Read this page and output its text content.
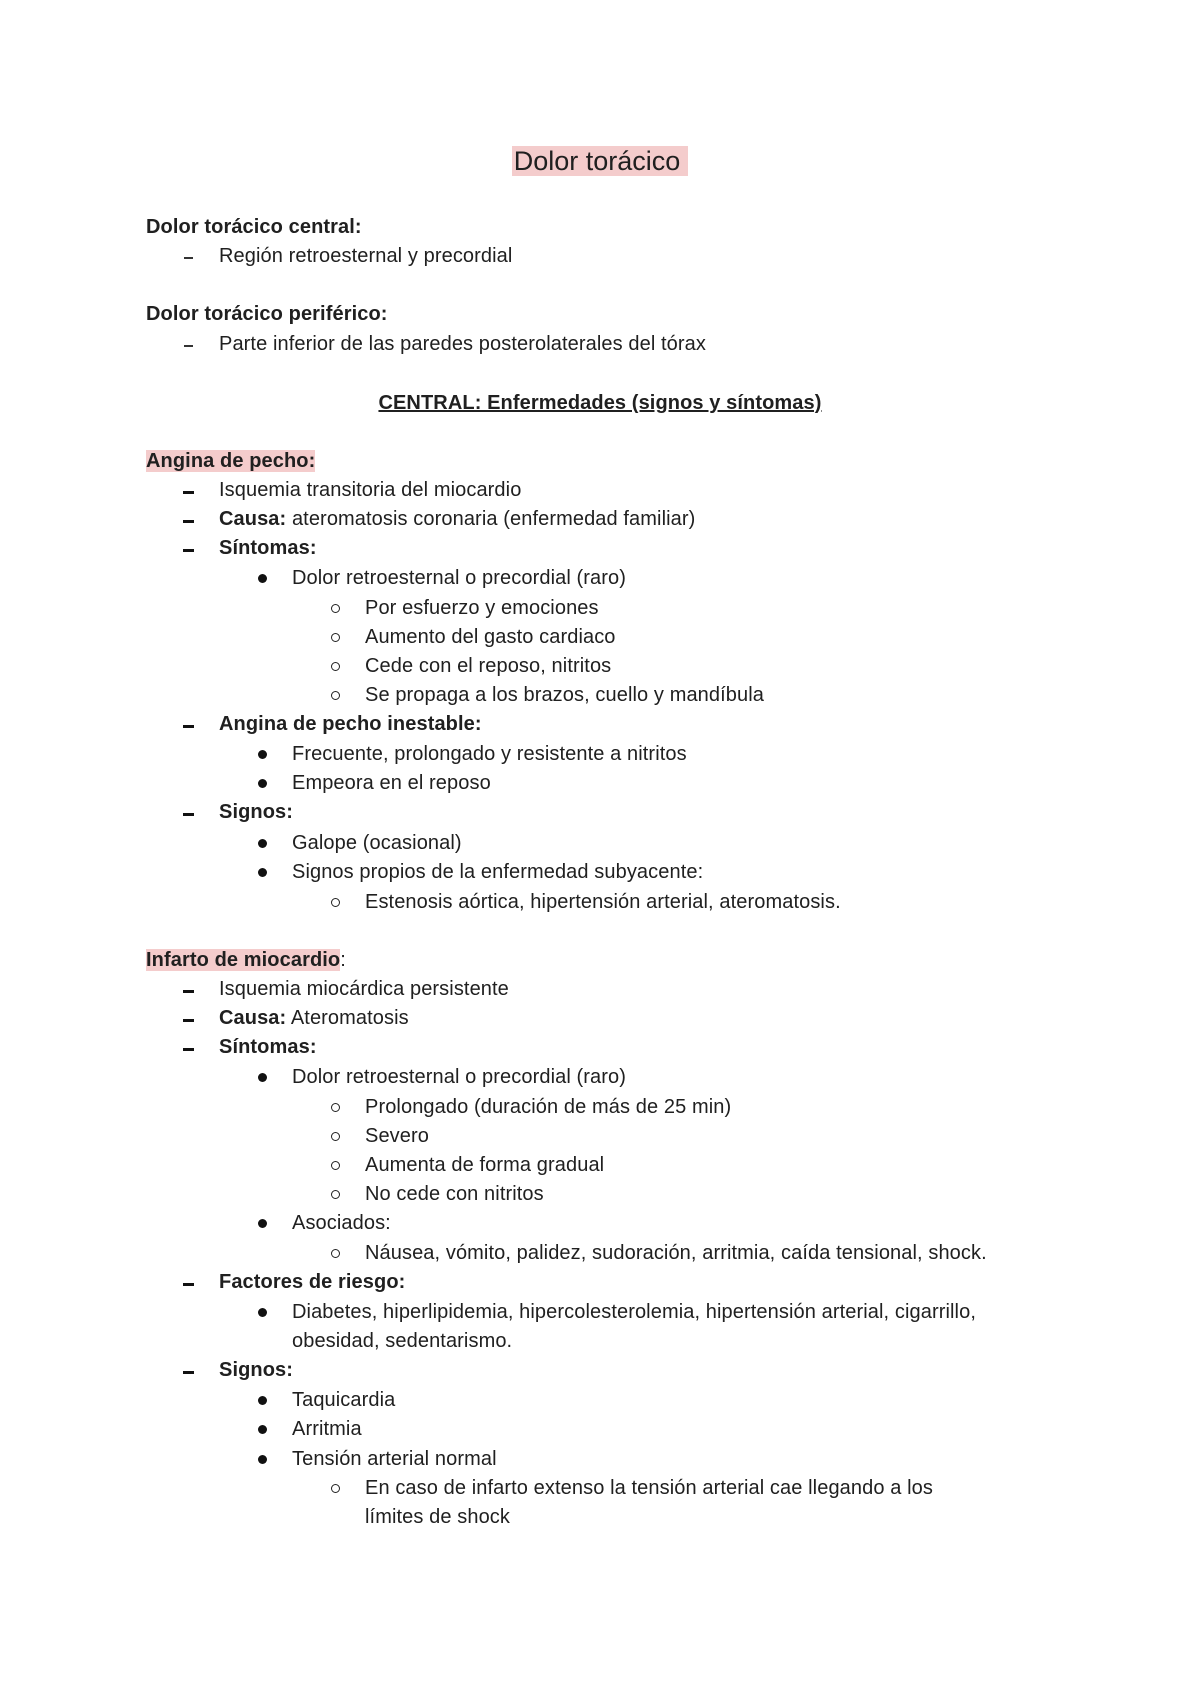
Dolor torácico
Dolor torácico central:
Región retroesternal y precordial
Dolor torácico periférico:
Parte inferior de las paredes posterolaterales del tórax
CENTRAL: Enfermedades (signos y síntomas)
Angina de pecho:
Isquemia transitoria del miocardio
Causa: ateromatosis coronaria (enfermedad familiar)
Síntomas:
Dolor retroesternal o precordial (raro)
Por esfuerzo y emociones
Aumento del gasto cardiaco
Cede con el reposo, nitritos
Se propaga a los brazos, cuello y mandíbula
Angina de pecho inestable:
Frecuente, prolongado y resistente a nitritos
Empeora en el reposo
Signos:
Galope (ocasional)
Signos propios de la enfermedad subyacente:
Estenosis aórtica, hipertensión arterial, ateromatosis.
Infarto de miocardio:
Isquemia miocárdica persistente
Causa: Ateromatosis
Síntomas:
Dolor retroesternal o precordial (raro)
Prolongado (duración de más de 25 min)
Severo
Aumenta de forma gradual
No cede con nitritos
Asociados:
Náusea, vómito, palidez, sudoración, arritmia, caída tensional, shock.
Factores de riesgo:
Diabetes, hiperlipidemia, hipercolesterolemia, hipertensión arterial, cigarrillo,
obesidad, sedentarismo.
Signos:
Taquicardia
Arritmia
Tensión arterial normal
En caso de infarto extenso la tensión arterial cae llegando a los
límites de shock
